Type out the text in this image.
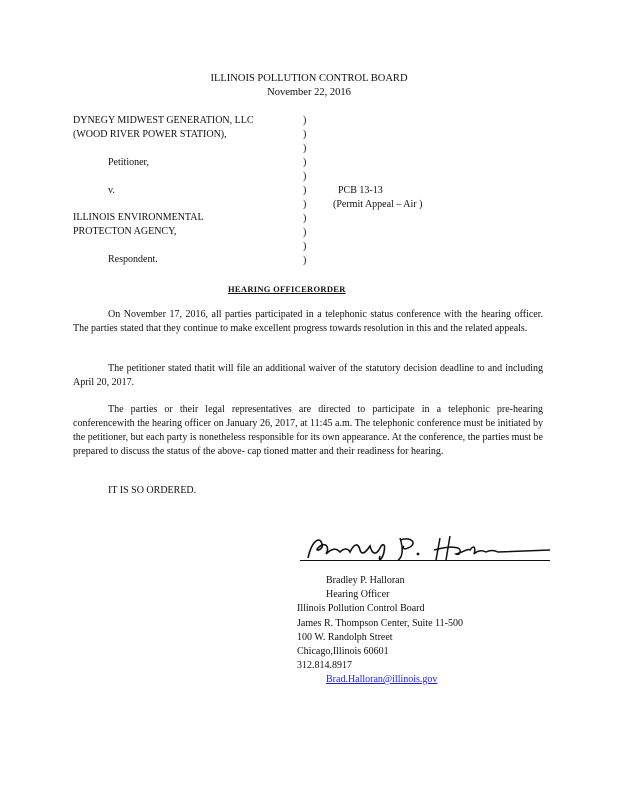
ILLINOIS POLLUTION CONTROL BOARD
November 22, 2016
DYNEGY MIDWEST GENERATION, LLC
(WOOD RIVER POWER STATION),
Petitioner,
v.
ILLINOIS ENVIRONMENTAL
PROTECTON AGENCY,
Respondent.
)
)
)
)
)
)
)
)
)
)
)
PCB 13-13
(Permit Appeal – Air )
HEARING OFFICERORDER
On November 17, 2016, all parties participated in a telephonic status conference with the hearing officer. The parties stated that they continue to make excellent progress towards resolution in this and the related appeals.
The petitioner stated thatit will file an additional waiver of the statutory decision deadline to and including April 20, 2017.
The parties or their legal representatives are directed to participate in a telephonic pre-hearing conferencewith the hearing officer on January 26, 2017, at 11:45 a.m. The telephonic conference must be initiated by the petitioner, but each party is nonetheless responsible for its own appearance. At the conference, the parties must be prepared to discuss the status of the above- cap tioned matter and their readiness for hearing.
IT IS SO ORDERED.
Bradley P. Halloran
Hearing Officer
Illinois Pollution Control Board
James R. Thompson Center, Suite 11-500
100 W. Randolph Street
Chicago,Illinois 60601
312.814.8917
Brad.Halloran@illinois.gov
